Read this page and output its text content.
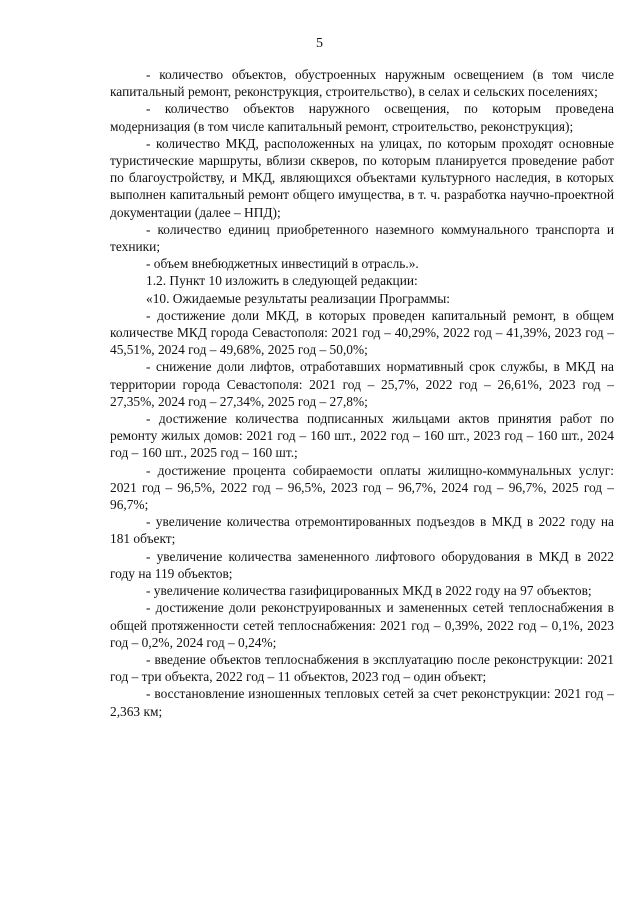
5

- количество объектов, обустроенных наружным освещением (в том числе капитальный ремонт, реконструкция, строительство), в селах и сельских поселениях;

- количество объектов наружного освещения, по которым проведена модернизация (в том числе капитальный ремонт, строительство, реконструкция);

- количество МКД, расположенных на улицах, по которым проходят основные туристические маршруты, вблизи скверов, по которым планируется проведение работ по благоустройству, и МКД, являющихся объектами культурного наследия, в которых выполнен капитальный ремонт общего имущества, в т. ч. разработка научно-проектной документации (далее – НПД);

- количество единиц приобретенного наземного коммунального транспорта и техники;

- объем внебюджетных инвестиций в отрасль.».

1.2. Пункт 10 изложить в следующей редакции:

«10. Ожидаемые результаты реализации Программы:

- достижение доли МКД, в которых проведен капитальный ремонт, в общем количестве МКД города Севастополя: 2021 год – 40,29%, 2022 год – 41,39%, 2023 год – 45,51%, 2024 год – 49,68%, 2025 год – 50,0%;

- снижение доли лифтов, отработавших нормативный срок службы, в МКД на территории города Севастополя: 2021 год – 25,7%, 2022 год – 26,61%, 2023 год – 27,35%, 2024 год – 27,34%, 2025 год – 27,8%;

- достижение количества подписанных жильцами актов принятия работ по ремонту жилых домов: 2021 год – 160 шт., 2022 год – 160 шт., 2023 год – 160 шт., 2024 год – 160 шт., 2025 год – 160 шт.;

- достижение процента собираемости оплаты жилищно-коммунальных услуг: 2021 год – 96,5%, 2022 год – 96,5%, 2023 год – 96,7%, 2024 год – 96,7%, 2025 год – 96,7%;

- увеличение количества отремонтированных подъездов в МКД в 2022 году на 181 объект;

- увеличение количества замененного лифтового оборудования в МКД в 2022 году на 119 объектов;

- увеличение количества газифицированных МКД в 2022 году на 97 объектов;

- достижение доли реконструированных и замененных сетей теплоснабжения в общей протяженности сетей теплоснабжения: 2021 год – 0,39%, 2022 год – 0,1%, 2023 год – 0,2%, 2024 год – 0,24%;

- введение объектов теплоснабжения в эксплуатацию после реконструкции: 2021 год – три объекта, 2022 год – 11 объектов, 2023 год – один объект;

- восстановление изношенных тепловых сетей за счет реконструкции: 2021 год – 2,363 км;
